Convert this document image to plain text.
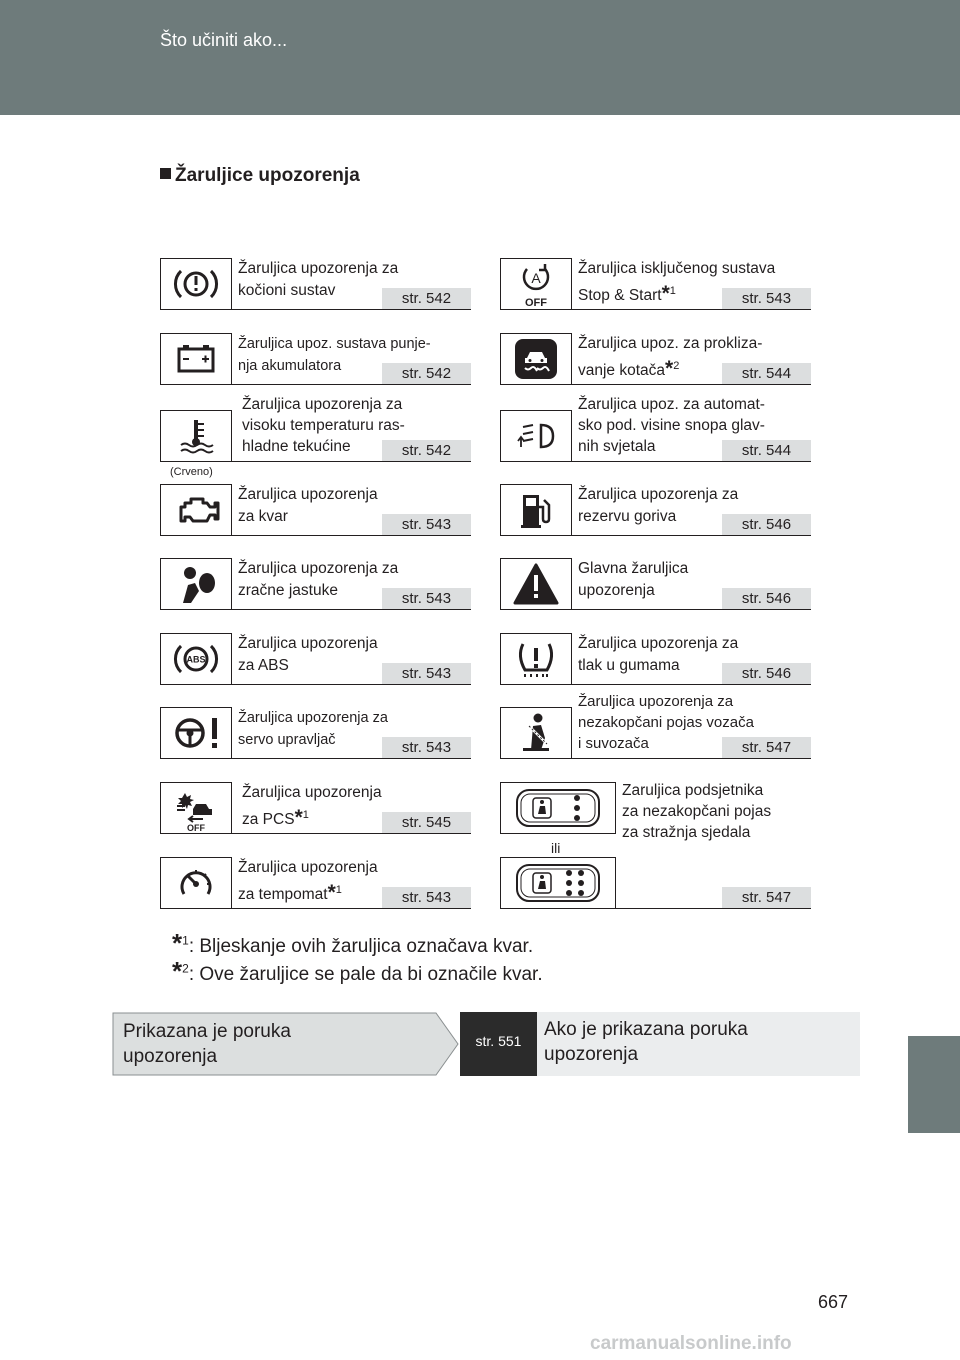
Što učiniti ako...
Žaruljice upozorenja
Žaruljica upozorenja za
kočioni sustav	str. 542
Žaruljica upoz. sustava punje-
nja akumulatora	str. 542
Žaruljica upozorenja za
visoku temperaturu ras-
hladne tekućine	str. 542
(Crveno)
Žaruljica upozorenja
za kvar	str. 543
Žaruljica upozorenja za
zračne jastuke	str. 543
ABS
Žaruljica upozorenja
za ABS	str. 543
Žaruljica upozorenja za
servo upravljač	str. 543
OFF
Žaruljica upozorenja
za PCS*$^1$	str. 545
Žaruljica upozorenja
za tempomat*$^1$	str. 543
A
OFF
Žaruljica isključenog sustava
Stop & Start*$^1$	str. 543
Žaruljica upoz. za prokliza-
vanje kotača*$^2$	str. 544
Žaruljica upoz. za automat-
sko pod. visine snopa glav-
nih svjetala	str. 544
Žaruljica upozorenja za
rezervu goriva	str. 546
Glavna žaruljica
upozorenja	str. 546
Žaruljica upozorenja za
tlak u gumama	str. 546
Žaruljica upozorenja za
nezakopčani pojas vozača
i suvozača	str. 547
Zaruljica podsjetnika
za nezakopčani pojas
za stražnja sjedala
ili
str. 547
*$^1$: Bljeskanje ovih žaruljica označava kvar.
*$^2$: Ove žaruljice se pale da bi označile kvar.
Prikazana je poruka
upozorenja
str. 551
Ako je prikazana poruka
upozorenja
667
carmanualsonline.info
